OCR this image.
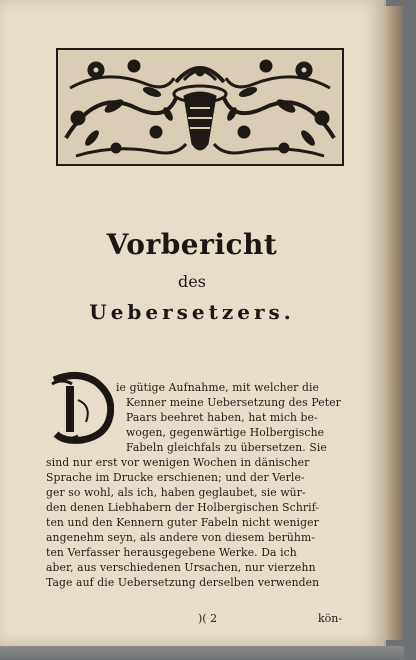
Vorbericht
des
Uebersetzers.
ie gütige Aufnahme, mit welcher die
Kenner meine Uebersetzung des Peter
Paars beehret haben, hat mich be-
wogen, gegenwärtige Holbergische
Fabeln gleichfals zu übersetzen. Sie
sind nur erst vor wenigen Wochen in dänischer
Sprache im Drucke erschienen; und der Verle-
ger so wohl, als ich, haben geglaubet, sie wür-
den denen Liebhabern der Holbergischen Schrif-
ten und den Kennern guter Fabeln nicht weniger
angenehm seyn, als andere von diesem berühm-
ten Verfasser herausgegebene Werke. Da ich
aber, aus verschiedenen Ursachen, nur vierzehn
Tage auf die Uebersetzung derselben verwenden
)( 2	kön-
